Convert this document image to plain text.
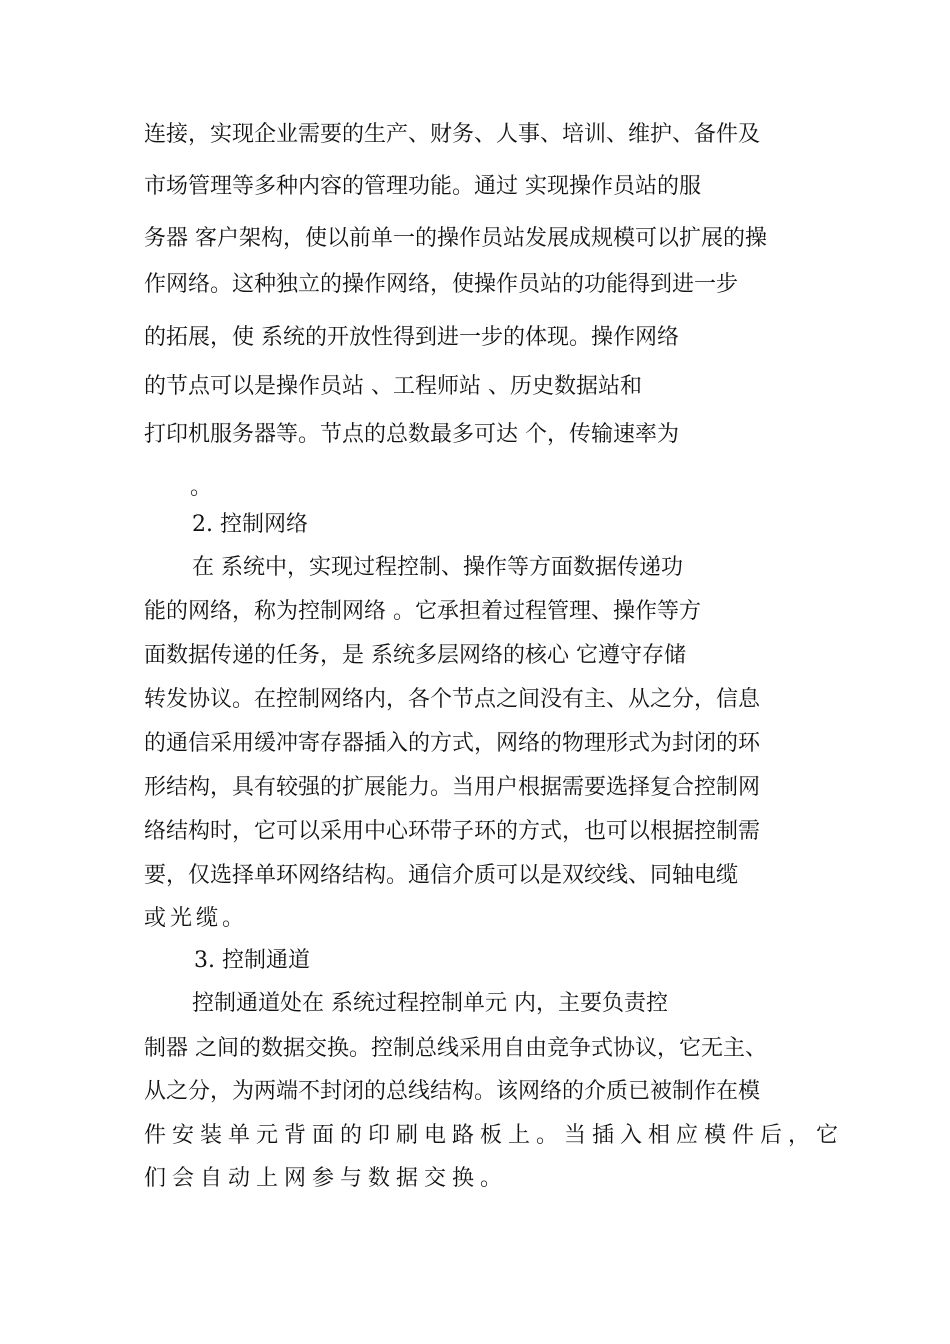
连接，实现企业需要的生产、财务、人事、培训、维护、备件及
市场管理等多种内容的管理功能。通过 实现操作员站的服
务器 客户架构，使以前单一的操作员站发展成规模可以扩展的操
作网络。这种独立的操作网络，使操作员站的功能得到进一步
的拓展，使 系统的开放性得到进一步的体现。操作网络
的节点可以是操作员站 、工程师站 、历史数据站和
打印机服务器等。节点的总数最多可达 个，传输速率为
。
2. 控制网络
在 系统中，实现过程控制、操作等方面数据传递功
能的网络，称为控制网络 。它承担着过程管理、操作等方
面数据传递的任务，是 系统多层网络的核心 它遵守存储
转发协议。在控制网络内，各个节点之间没有主、从之分，信息
的通信采用缓冲寄存器插入的方式，网络的物理形式为封闭的环
形结构，具有较强的扩展能力。当用户根据需要选择复合控制网
络结构时，它可以采用中心环带子环的方式，也可以根据控制需
要，仅选择单环网络结构。通信介质可以是双绞线、同轴电缆
或光缆。
3. 控制通道
控制通道处在 系统过程控制单元 内，主要负责控
制器 之间的数据交换。控制总线采用自由竞争式协议，它无主、
从之分，为两端不封闭的总线结构。该网络的介质已被制作在模
件安装单元背面的印刷电路板上。当插入相应模件后，它
们会自动上网参与数据交换。
